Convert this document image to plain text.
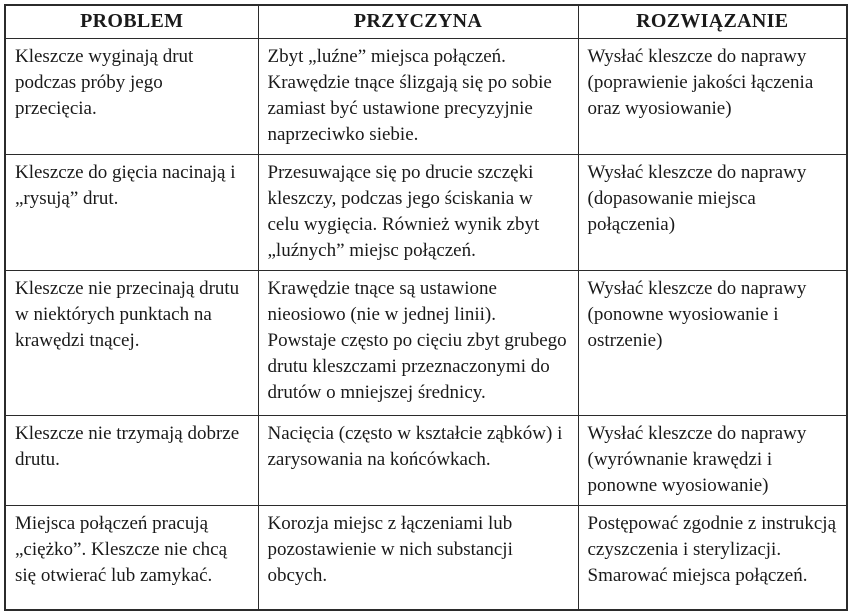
PROBLEM	PRZYCZYNA	ROZWIĄZANIE
Kleszcze wyginają drut podczas próby jego przecięcia.	Zbyt „luźne” miejsca połączeń. Krawędzie tnące ślizgają się po sobie zamiast być ustawione precyzyjnie naprzeciwko siebie.	Wysłać kleszcze do naprawy (poprawienie jakości łączenia oraz wyosiowanie)
Kleszcze do gięcia nacinają i „rysują” drut.	Przesuwające się po drucie szczęki kleszczy, podczas jego ściskania w celu wygięcia. Również wynik zbyt „luźnych” miejsc połączeń.	Wysłać kleszcze do naprawy (dopasowanie miejsca połączenia)
Kleszcze nie przecinają drutu w niektórych punktach na krawędzi tnącej.	Krawędzie tnące są ustawione nieosiowo (nie w jednej linii). Powstaje często po cięciu zbyt grubego drutu kleszczami przeznaczonymi do drutów o mniejszej średnicy.	Wysłać kleszcze do naprawy (ponowne wyosiowanie i ostrzenie)
Kleszcze nie trzymają dobrze drutu.	Nacięcia (często w kształcie ząbków) i zarysowania na końcówkach.	Wysłać kleszcze do naprawy (wyrównanie krawędzi i ponowne wyosiowanie)
Miejsca połączeń pracują „ciężko”. Kleszcze nie chcą się otwierać lub zamykać.	Korozja miejsc z łączeniami lub pozostawienie w nich substancji obcych.	Postępować zgodnie z instrukcją czyszczenia i sterylizacji. Smarować miejsca połączeń.
